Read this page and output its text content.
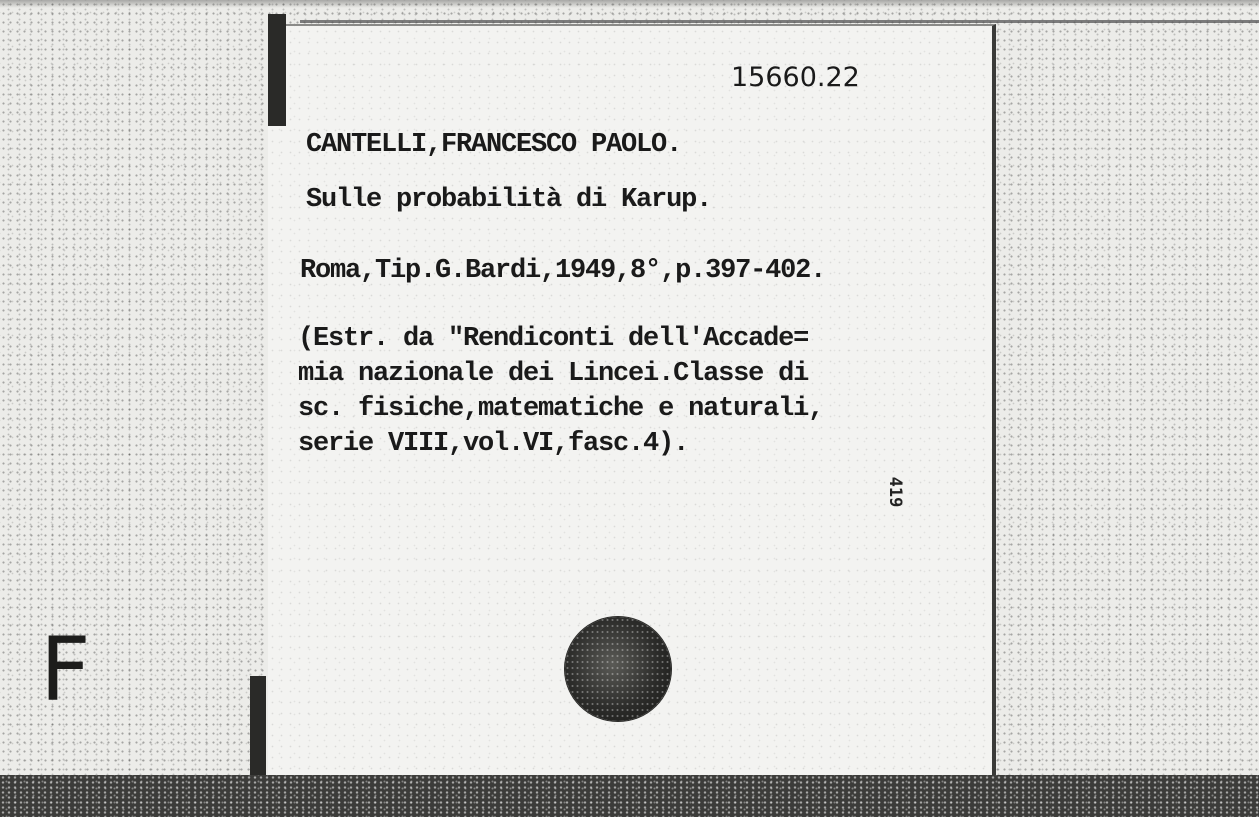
15660.22

CANTELLI,FRANCESCO PAOLO.

Sulle probabilità di Karup.

Roma,Tip.G.Bardi,1949,8°,p.397-402.

(Estr. da "Rendiconti dell'Accade=
mia nazionale dei Lincei.Classe di
sc. fisiche,matematiche e naturali,
serie VIII,vol.VI,fasc.4).
419
F
